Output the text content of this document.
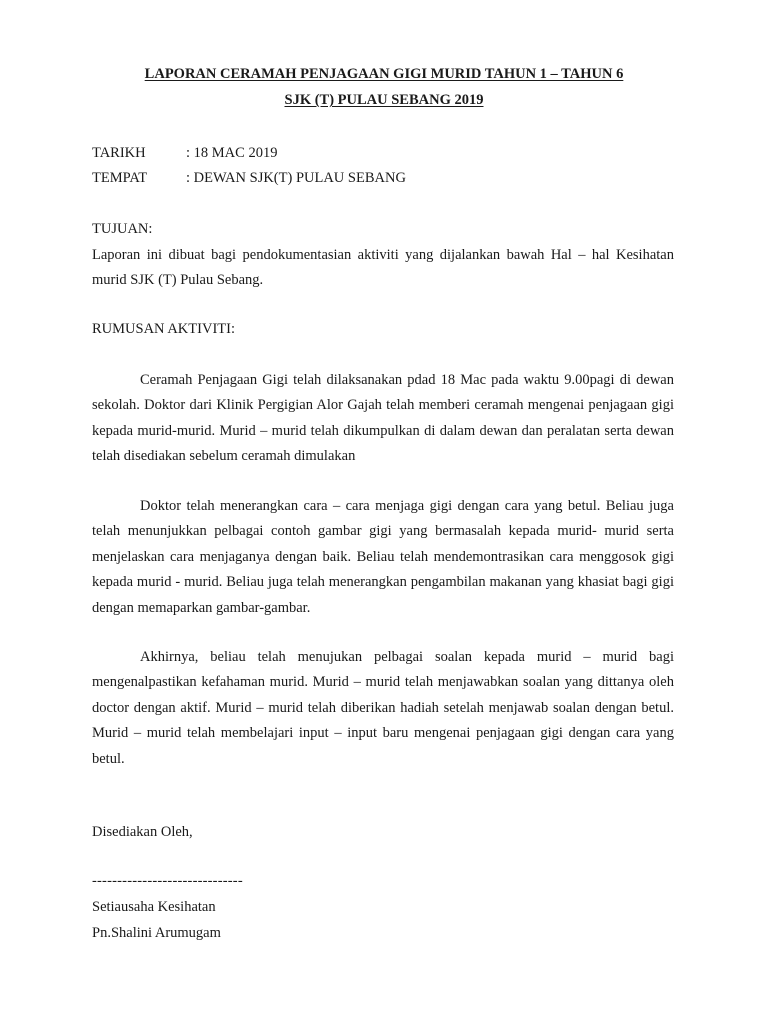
LAPORAN CERAMAH PENJAGAAN GIGI MURID TAHUN 1 – TAHUN 6
SJK (T) PULAU SEBANG 2019
TARIKH	: 18 MAC 2019
TEMPAT	: DEWAN SJK(T) PULAU SEBANG
TUJUAN:

Laporan ini dibuat bagi pendokumentasian aktiviti yang dijalankan bawah Hal – hal Kesihatan murid SJK (T) Pulau Sebang.

RUMUSAN AKTIVITI:

Ceramah Penjagaan Gigi telah dilaksanakan pdad 18 Mac pada waktu 9.00pagi di dewan sekolah. Doktor dari Klinik Pergigian Alor Gajah telah memberi ceramah mengenai penjagaan gigi kepada murid-murid. Murid – murid telah dikumpulkan di dalam dewan dan peralatan serta dewan telah disediakan sebelum ceramah dimulakan

Doktor telah menerangkan cara – cara menjaga gigi dengan cara yang betul. Beliau juga telah menunjukkan pelbagai contoh gambar gigi yang bermasalah kepada murid- murid serta menjelaskan cara menjaganya dengan baik. Beliau telah mendemontrasikan cara menggosok gigi kepada murid - murid. Beliau juga telah menerangkan pengambilan makanan yang khasiat bagi gigi dengan memaparkan gambar-gambar.

Akhirnya, beliau telah menujukan pelbagai soalan kepada murid – murid bagi mengenalpastikan kefahaman murid. Murid – murid telah menjawabkan soalan yang dittanya oleh doctor dengan aktif. Murid – murid telah diberikan hadiah setelah menjawab soalan dengan betul. Murid – murid telah membelajari input – input baru mengenai penjagaan gigi dengan cara yang betul.

Disediakan Oleh,
------------------------------
Setiausaha Kesihatan
Pn.Shalini Arumugam
